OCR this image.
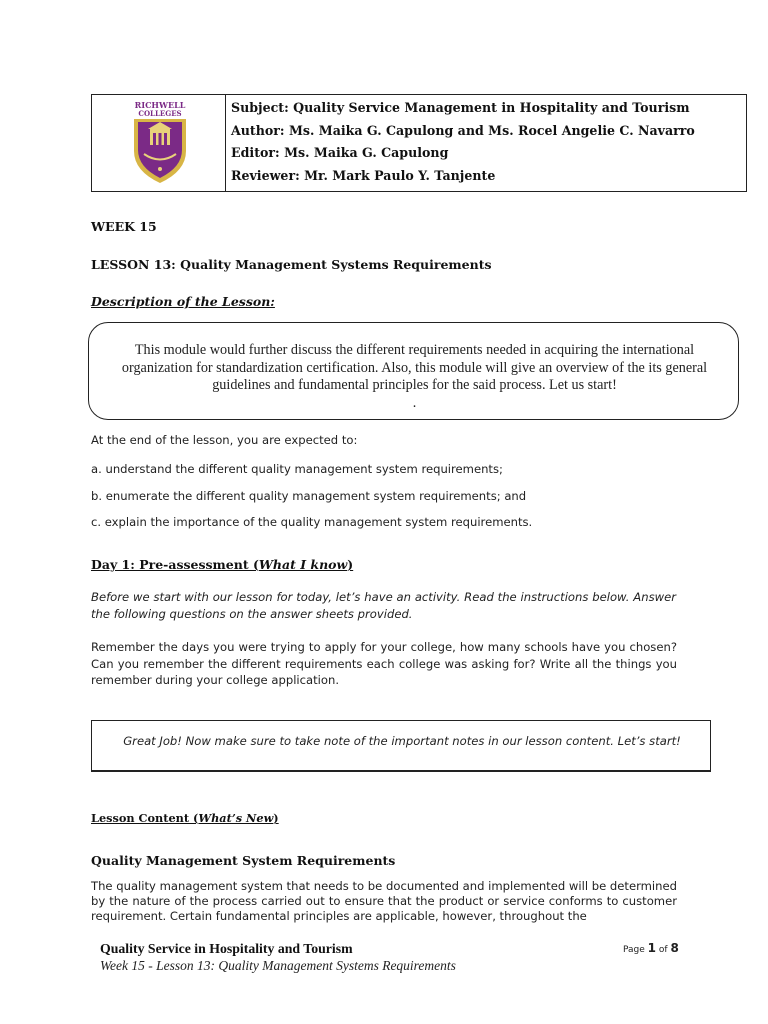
RICHWELL
COLLEGES	Subject: Quality Service Management in Hospitality and Tourism
Author: Ms. Maika G. Capulong and Ms. Rocel Angelie C. Navarro
Editor: Ms. Maika G. Capulong
Reviewer: Mr. Mark Paulo Y. Tanjente
WEEK 15
LESSON 13: Quality Management Systems Requirements
Description of the Lesson:
This module would further discuss the different requirements needed in acquiring the international organization for standardization certification. Also, this module will give an overview of the its general guidelines and fundamental principles for the said process. Let us start!
.
At the end of the lesson, you are expected to:
a. understand the different quality management system requirements;
b. enumerate the different quality management system requirements; and
c. explain the importance of the quality management system requirements.
Day 1: Pre-assessment (What I know)
Before we start with our lesson for today, let’s have an activity. Read the instructions below. Answer the following questions on the answer sheets provided.
Remember the days you were trying to apply for your college, how many schools have you chosen? Can you remember the different requirements each college was asking for? Write all the things you remember during your college application.
Great Job! Now make sure to take note of the important notes in our lesson content. Let’s start!
Lesson Content (What’s New)
Quality Management System Requirements
The quality management system that needs to be documented and implemented will be determined by the nature of the process carried out to ensure that the product or service conforms to customer requirement. Certain fundamental principles are applicable, however, throughout the
Quality Service in Hospitality and Tourism
Week 15 - Lesson 13: Quality Management Systems Requirements
Page 1 of 8
